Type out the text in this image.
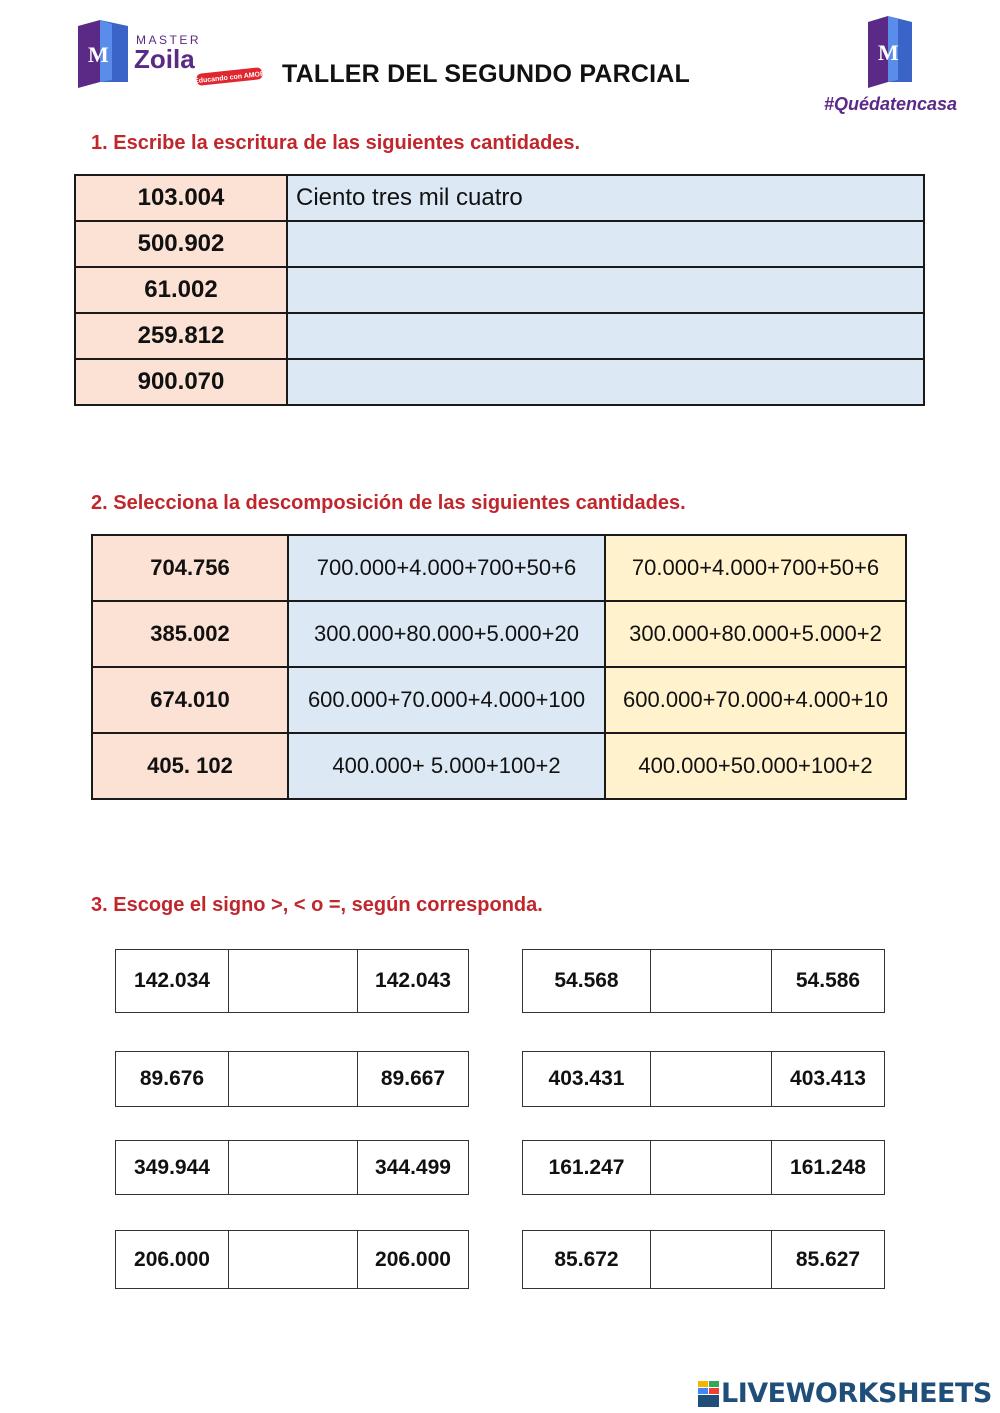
M
MASTER
Zoila
Educando con AMOR TALLER DEL SEGUNDO PARCIAL
M
#Quédatencasa
1. Escribe la escritura de las siguientes cantidades.
103.004	Ciento tres mil cuatro
500.902	
61.002	
259.812	
900.070	
2. Selecciona la descomposición de las siguientes cantidades.
704.756	700.000+4.000+700+50+6	70.000+4.000+700+50+6
385.002	300.000+80.000+5.000+20	300.000+80.000+5.000+2
674.010	600.000+70.000+4.000+100	600.000+70.000+4.000+10
405. 102	400.000+ 5.000+100+2	400.000+50.000+100+2
3. Escoge el signo >, < o =, según corresponda.
142.034		142.043
89.676		89.667
349.944		344.499
206.000		206.000
54.568		54.586
403.431		403.413
161.247		161.248
85.672		85.627
LIVEWORKSHEETS
